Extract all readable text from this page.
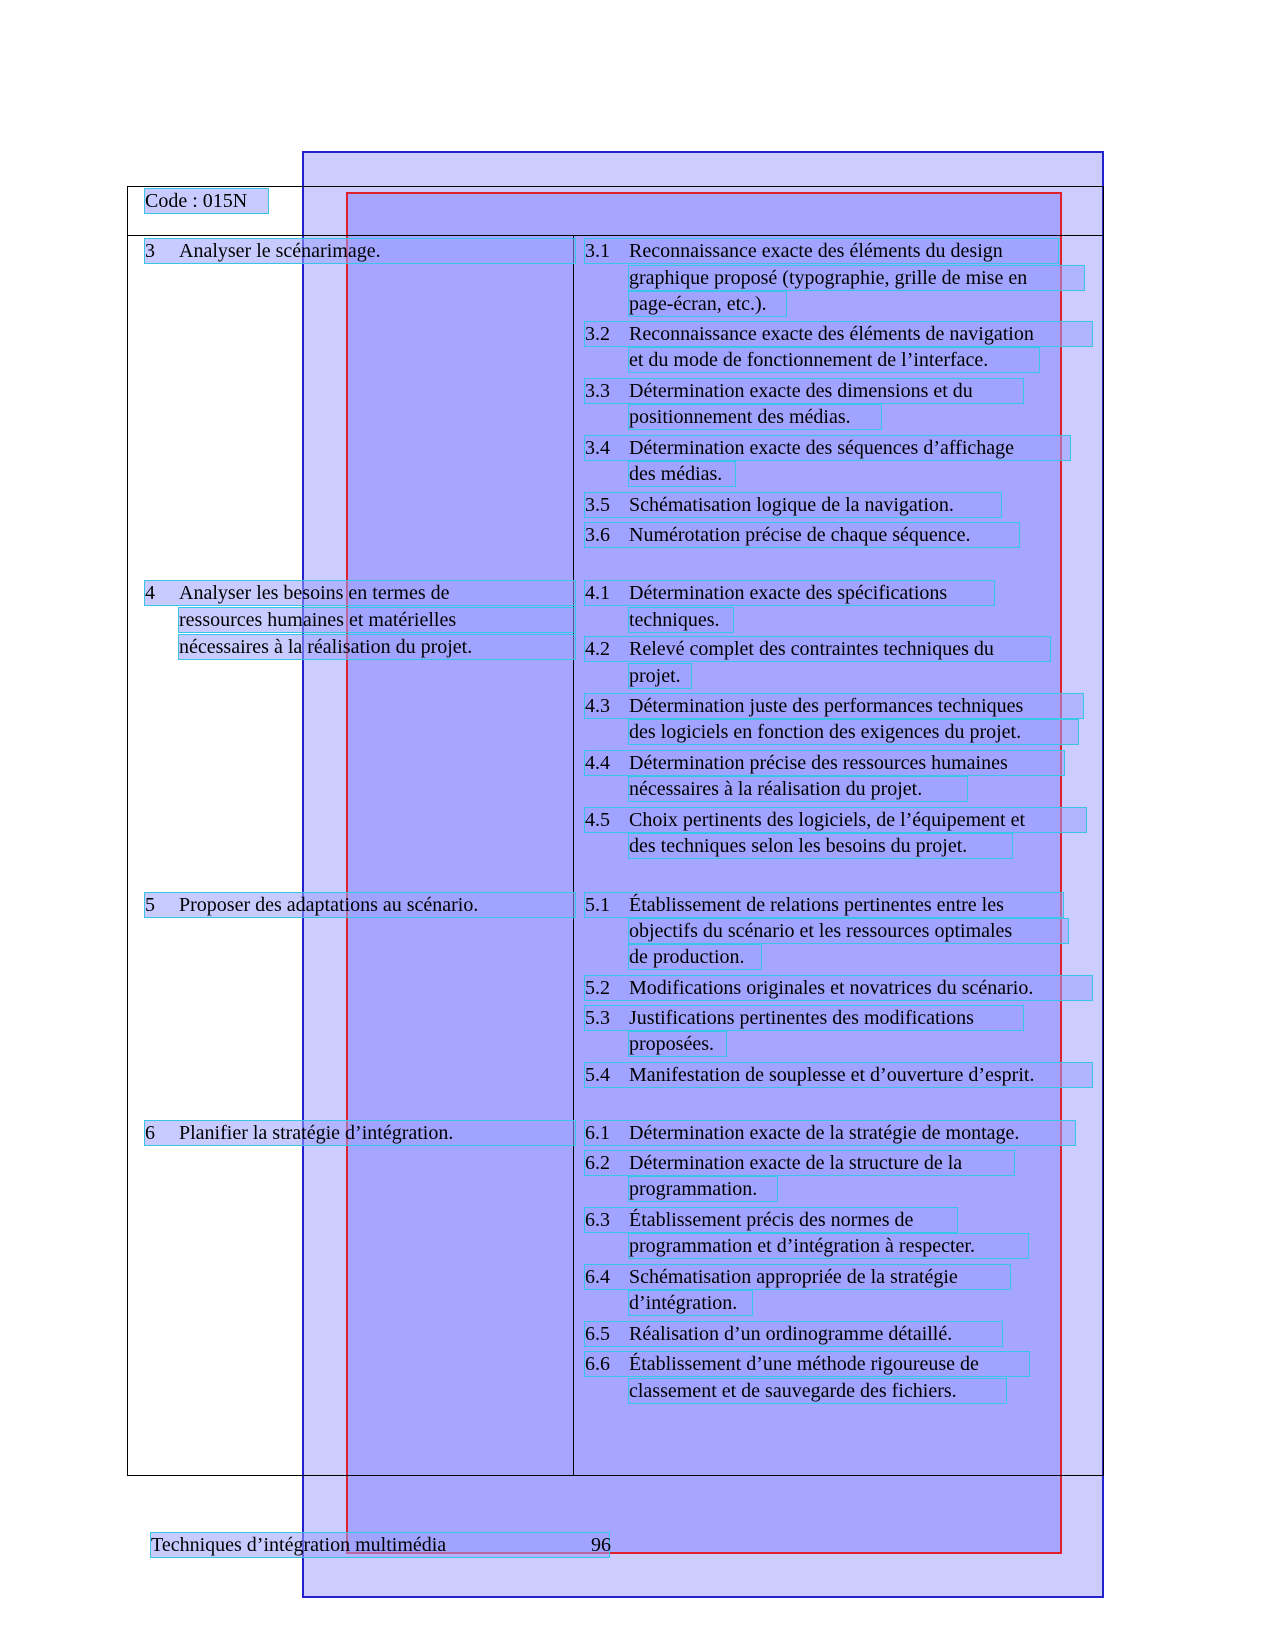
Code : 015N
3 Analyser le scénarimage.
4 Analyser les besoins en termes de
ressources humaines et matérielles
nécessaires à la réalisation du projet.
5 Proposer des adaptations au scénario.
6 Planifier la stratégie d’intégration.
3.1 Reconnaissance exacte des éléments du design
graphique proposé (typographie, grille de mise en
page-écran, etc.).
3.2 Reconnaissance exacte des éléments de navigation
et du mode de fonctionnement de l’interface.
3.3 Détermination exacte des dimensions et du
positionnement des médias.
3.4 Détermination exacte des séquences d’affichage
des médias.
3.5 Schématisation logique de la navigation.
3.6 Numérotation précise de chaque séquence.
4.1 Détermination exacte des spécifications
techniques.
4.2 Relevé complet des contraintes techniques du
projet.
4.3 Détermination juste des performances techniques
des logiciels en fonction des exigences du projet.
4.4 Détermination précise des ressources humaines
nécessaires à la réalisation du projet.
4.5 Choix pertinents des logiciels, de l’équipement et
des techniques selon les besoins du projet.
5.1 Établissement de relations pertinentes entre les
objectifs du scénario et les ressources optimales
de production.
5.2 Modifications originales et novatrices du scénario.
5.3 Justifications pertinentes des modifications
proposées.
5.4 Manifestation de souplesse et d’ouverture d’esprit.
6.1 Détermination exacte de la stratégie de montage.
6.2 Détermination exacte de la structure de la
programmation.
6.3 Établissement précis des normes de
programmation et d’intégration à respecter.
6.4 Schématisation appropriée de la stratégie
d’intégration.
6.5 Réalisation d’un ordinogramme détaillé.
6.6 Établissement d’une méthode rigoureuse de
classement et de sauvegarde des fichiers.
Techniques d’intégration multimédia	96
